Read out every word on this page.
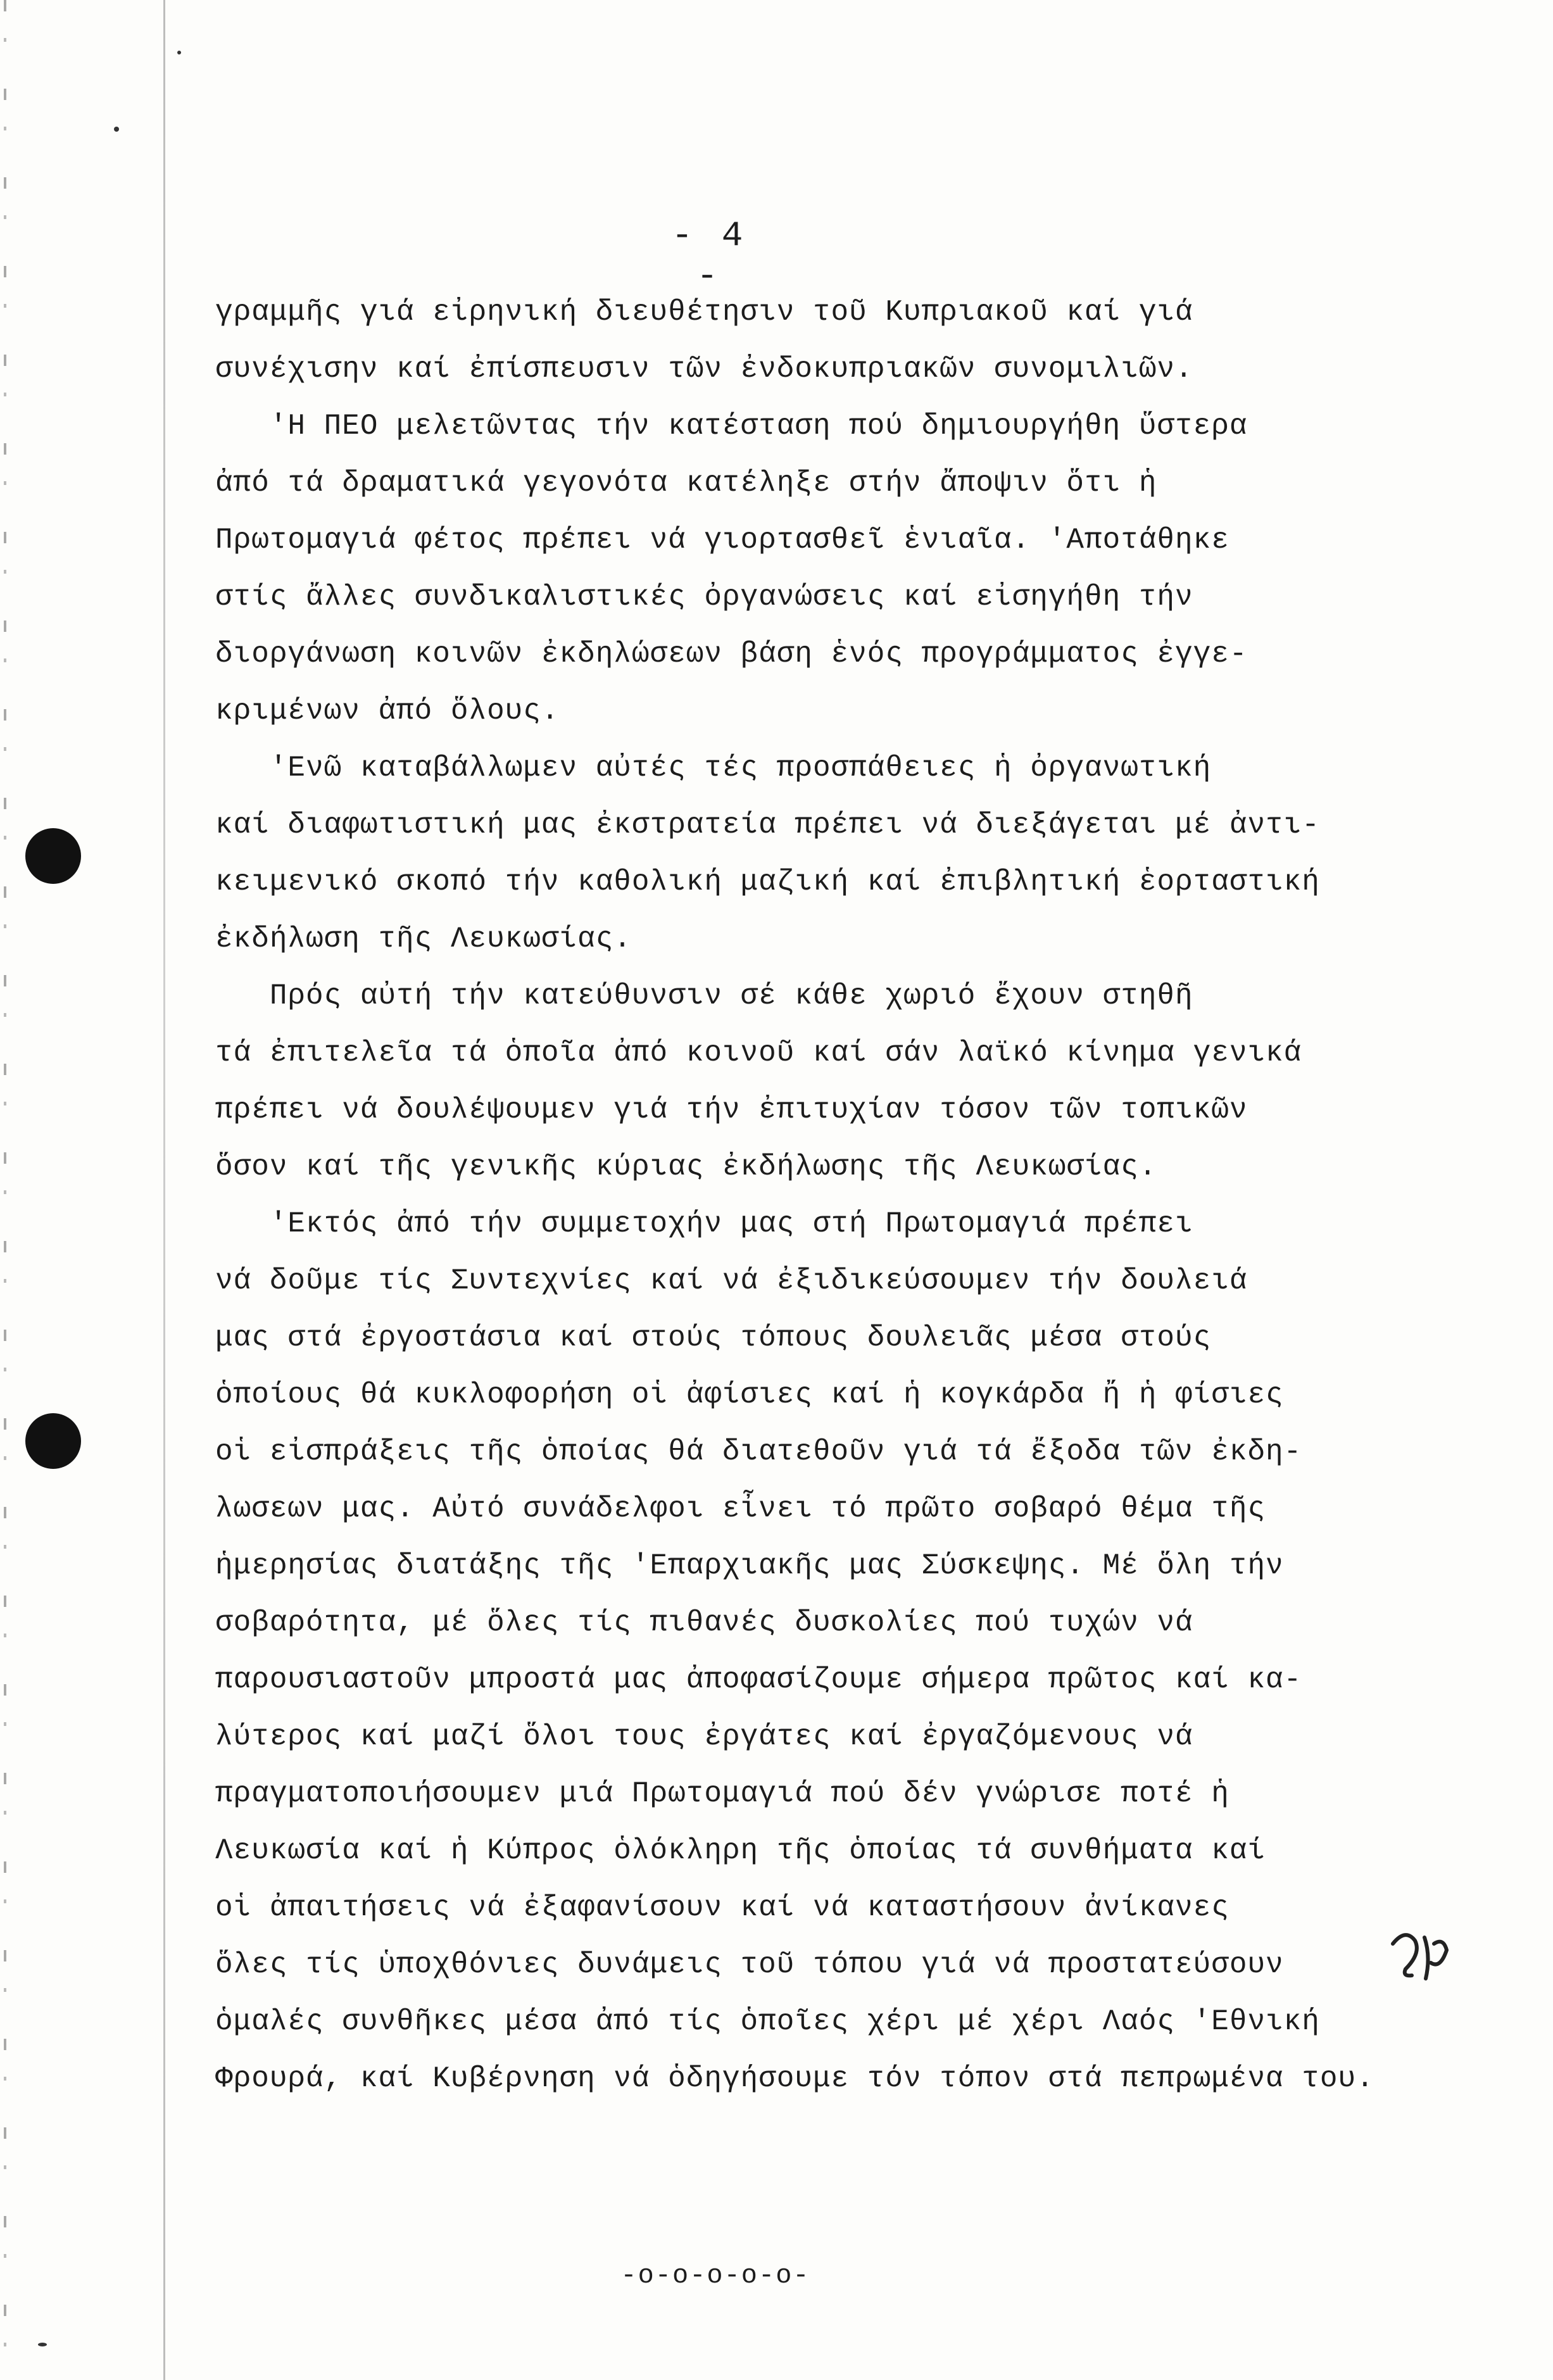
- 4 -
γραμμῆς γιά εἰρηνική διευθέτησιν τοῦ Κυπριακοῦ καί γιά
συνέχισην καί ἐπίσπευσιν τῶν ἐνδοκυπριακῶν συνομιλιῶν.
'Η ΠΕΟ μελετῶντας τήν κατέσταση πού δημιουργήθη ὕστερα
ἀπό τά δραματικά γεγονότα κατέληξε στήν ἄποψιν ὅτι ἡ
Πρωτομαγιά φέτος πρέπει νά γιορτασθεῖ ἑνιαῖα. 'Αποτάθηκε
στίς ἄλλες συνδικαλιστικές ὀργανώσεις καί εἰσηγήθη τήν
διοργάνωση κοινῶν ἐκδηλώσεων βάση ἑνός προγράμματος ἐγγε-
κριμένων ἀπό ὅλους.
'Ενῶ καταβάλλωμεν αὐτές τές προσπάθειες ἡ ὀργανωτική
καί διαφωτιστική μας ἐκστρατεία πρέπει νά διεξάγεται μέ ἀντι-
κειμενικό σκοπό τήν καθολική μαζική καί ἐπιβλητική ἑορταστική
ἐκδήλωση τῆς Λευκωσίας.
Πρός αὐτή τήν κατεύθυνσιν σέ κάθε χωριό ἔχουν στηθῆ
τά ἐπιτελεῖα τά ὁποῖα ἀπό κοινοῦ καί σάν λαϊκό κίνημα γενικά
πρέπει νά δουλέψουμεν γιά τήν ἐπιτυχίαν τόσον τῶν τοπικῶν
ὅσον καί τῆς γενικῆς κύριας ἐκδήλωσης τῆς Λευκωσίας.
'Εκτός ἀπό τήν συμμετοχήν μας στή Πρωτομαγιά πρέπει
νά δοῦμε τίς Συντεχνίες καί νά ἐξιδικεύσουμεν τήν δουλειά
μας στά ἐργοστάσια καί στούς τόπους δουλειᾶς μέσα στούς
ὁποίους θά κυκλοφορήση οἱ ἀφίσιες καί ἡ κογκάρδα ἤ ἡ φίσιες
οἱ εἰσπράξεις τῆς ὁποίας θά διατεθοῦν γιά τά ἔξοδα τῶν ἐκδη-
λωσεων μας. Αὐτό συνάδελφοι εἶνει τό πρῶτο σοβαρό θέμα τῆς
ἡμερησίας διατάξης τῆς 'Επαρχιακῆς μας Σύσκεψης. Μέ ὅλη τήν
σοβαρότητα, μέ ὅλες τίς πιθανές δυσκολίες πού τυχών νά
παρουσιαστοῦν μπροστά μας ἀποφασίζουμε σήμερα πρῶτος καί κα-
λύτερος καί μαζί ὅλοι τους ἐργάτες καί ἐργαζόμενους νά
πραγματοποιήσουμεν μιά Πρωτομαγιά πού δέν γνώρισε ποτέ ἡ
Λευκωσία καί ἡ Κύπρος ὁλόκληρη τῆς ὁποίας τά συνθήματα καί
οἱ ἀπαιτήσεις νά ἐξαφανίσουν καί νά καταστήσουν ἀνίκανες
ὅλες τίς ὑποχθόνιες δυνάμεις τοῦ τόπου γιά νά προστατεύσουν
ὁμαλές συνθῆκες μέσα ἀπό τίς ὁποῖες χέρι μέ χέρι Λαός 'Εθνική
Φρουρά, καί Κυβέρνηση νά ὁδηγήσουμε τόν τόπον στά πεπρωμένα του.
-o-o-o-o-o-
